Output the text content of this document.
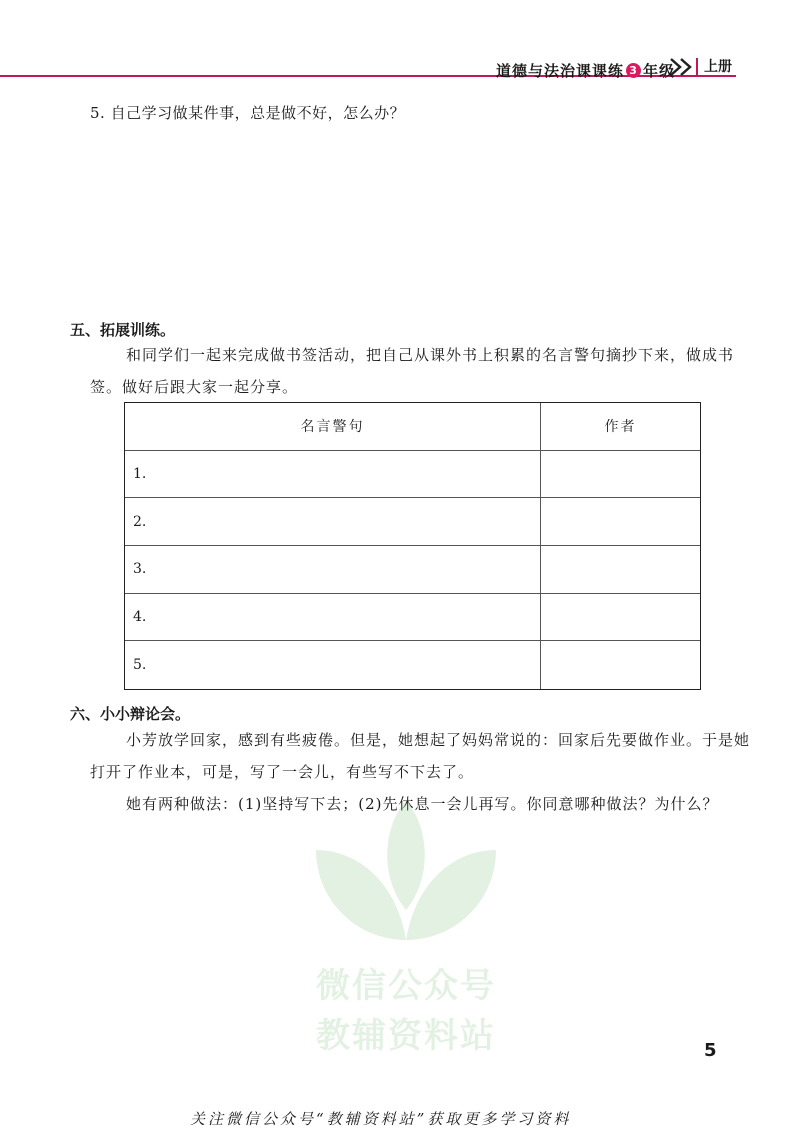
道德与法治课课练 3 年级	上册
5. 自己学习做某件事，总是做不好，怎么办？
五、拓展训练。
和同学们一起来完成做书签活动，把自己从课外书上积累的名言警句摘抄下来，做成书
签。做好后跟大家一起分享。
名言警句	作者
1.
2.
3.
4.
5.
六、小小辩论会。
小芳放学回家，感到有些疲倦。但是，她想起了妈妈常说的：回家后先要做作业。于是她
打开了作业本，可是，写了一会儿，有些写不下去了。
她有两种做法：(1)坚持写下去；(2)先休息一会儿再写。你同意哪种做法？为什么？
微信公众号
教辅资料站	5
关注微信公众号“教辅资料站”获取更多学习资料
